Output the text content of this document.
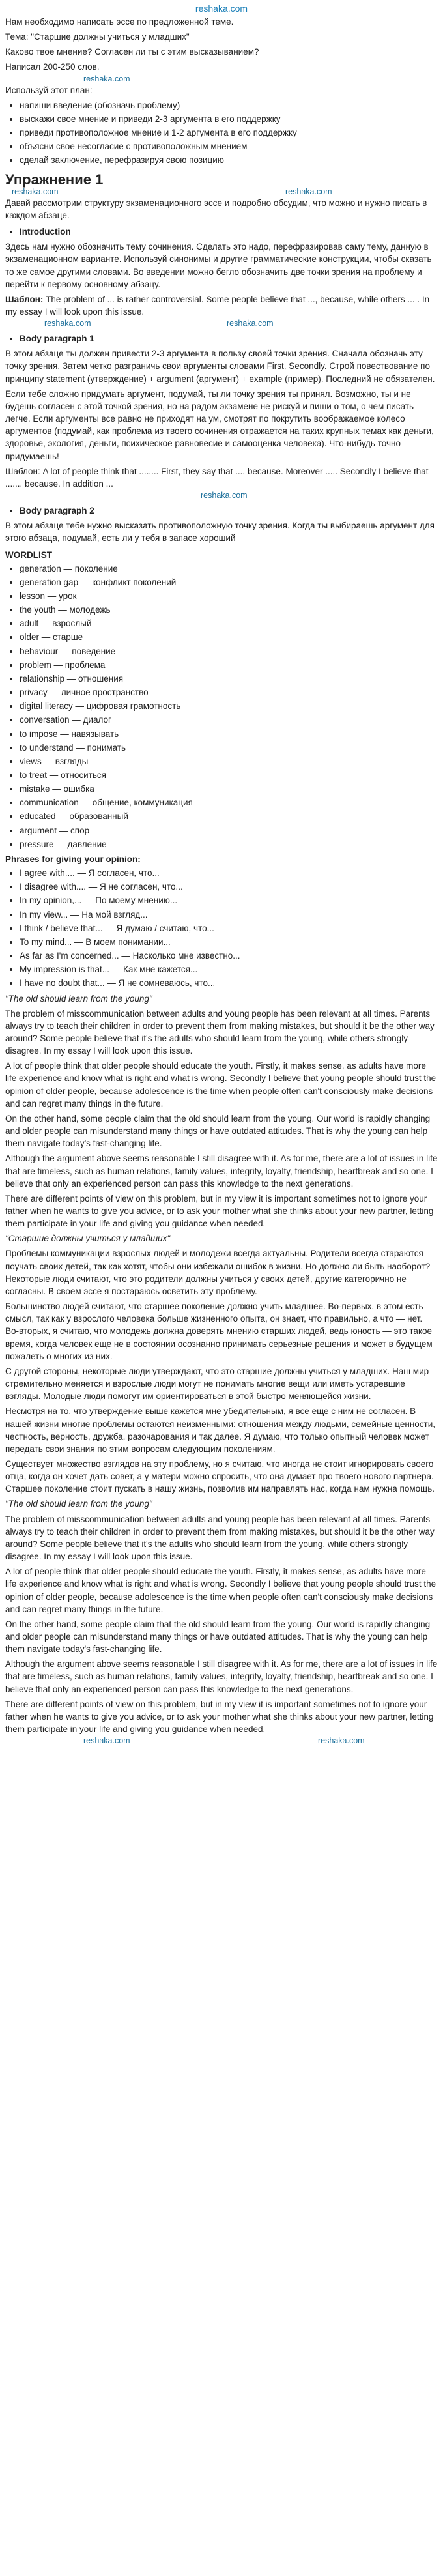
reshaka.com

Нам необходимо написать эссе по предложенной теме.

Тема: "Старшие должны учиться у младших"

Каково твое мнение? Согласен ли ты с этим высказыванием?

Написал 200-250 слов.

reshaka.com

Используй этот план:

• напиши введение (обозначь проблему)
• выскажи свое мнение и приведи 2-3 аргумента в его поддержку
• приведи противоположное мнение и 1-2 аргумента в его поддержку
• объясни свое несогласие с противоположным мнением
• сделай заключение, перефразируя свою позицию
Упражнение 1
reshaka.com	reshaka.com

Давай рассмотрим структуру экзаменационного эссе и подробно обсудим, что можно и нужно писать в каждом абзаце.

• Introduction

Здесь нам нужно обозначить тему сочинения. Сделать это надо, перефразировав саму тему, данную в экзаменационном варианте. Используй синонимы и другие грамматические конструкции, чтобы сказать то же самое другими словами. Во введении можно бегло обозначить две точки зрения на проблему и перейти к первому основному абзацу.

Шаблон: The problem of ... is rather controversial. Some people believe that ..., because, while others ... . In my essay I will look upon this issue.

reshaka.com	reshaka.com
• Body paragraph 1

В этом абзаце ты должен привести 2-3 аргумента в пользу своей точки зрения. Сначала обозначь эту точку зрения. Затем четко разграничь свои аргументы словами First, Secondly. Строй повествование по принципу statement (утверждение) + argument (аргумент) + example (пример). Последний не обязателен.

Если тебе сложно придумать аргумент, подумай, ты ли точку зрения ты принял. Возможно, ты и не будешь согласен с этой точкой зрения, но на радом экзамене не рискуй и пиши о том, о чем писать легче. Если аргументы все равно не приходят на ум, смотрят по покрутить воображаемое колесо аргументов (подумай, как проблема из твоего сочинения отражается на таких крупных темах как деньги, здоровье, экология, деньги, психическое равновесие и самооценка человека). Что-нибудь точно придумаешь!

Шаблон: A lot of people think that ........ First, they say that .... because. Moreover ..... Secondly I believe that ....... because. In addition ...

reshaka.com
• Body paragraph 2

В этом абзаце тебе нужно высказать противоположную точку зрения. Когда ты выбираешь аргумент для этого абзаца, подумай, есть ли у тебя в запасе хороший

WORDLIST
• generation — поколение
• generation gap — конфликт поколений
• lesson — урок
• the youth — молодежь
• adult — взрослый
• older — старше
• behaviour — поведение
• problem — проблема
• relationship — отношения
• privacy — личное пространство
• digital literacy — цифровая грамотность
• conversation — диалог
• to impose — навязывать
• to understand — понимать
• views — взгляды
• to treat — относиться
• mistake — ошибка
• communication — общение, коммуникация
• educated — образованный
• argument — спор
• pressure — давление
Phrases for giving your opinion:
• I agree with.... — Я согласен, что...
• I disagree with.... — Я не согласен, что...
• In my opinion,... — По моему мнению...
• In my view... — На мой взгляд...
• I think / believe that... — Я думаю / считаю, что...
• To my mind... — В моем понимании...
• As far as I'm concerned... — Насколько мне известно...
• My impression is that... — Как мне кажется...
• I have no doubt that... — Я не сомневаюсь, что...

"The old should learn from the young"

The problem of misscommunication between adults and young people has been relevant at all times. Parents always try to teach their children in order to prevent them from making mistakes, but should it be the other way around? Some people believe that it's the adults who should learn from the young, while others strongly disagree. In my essay I will look upon this issue.

A lot of people think that older people should educate the youth. Firstly, it makes sense, as adults have more life experience and know what is right and what is wrong. Secondly I believe that young people should trust the opinion of older people, because adolescence is the time when people often can't consciously make decisions and can regret many things in the future.

On the other hand, some people claim that the old should learn from the young. Our world is rapidly changing and older people can misunderstand many things or have outdated attitudes. That is why the young can help them navigate today's fast-changing life.

Although the argument above seems reasonable I still disagree with it. As for me, there are a lot of issues in life that are timeless, such as human relations, family values, integrity, loyalty, friendship, heartbreak and so one. I believe that only an experienced person can pass this knowledge to the next generations.

There are different points of view on this problem, but in my view it is important sometimes not to ignore your father when he wants to give you advice, or to ask your mother what she thinks about your new partner, letting them participate in your life and giving you guidance when needed.

"Старшие должны учиться у младших"

Проблемы коммуникации взрослых людей и молодежи всегда актуальны. Родители всегда стараются поучать своих детей, так как хотят, чтобы они избежали ошибок в жизни. Но должно ли быть наоборот? Некоторые люди считают, что это родители должны учиться у своих детей, другие категорично не согласны. В своем эссе я постараюсь осветить эту проблему.

Большинство людей считают, что старшее поколение должно учить младшее. Во-первых, в этом есть смысл, так как у взрослого человека больше жизненного опыта, он знает, что правильно, а что — нет. Во-вторых, я считаю, что молодежь должна доверять мнению старших людей, ведь юность — это такое время, когда человек еще не в состоянии осознанно принимать серьезные решения и может в будущем пожалеть о многих из них.

С другой стороны, некоторые люди утверждают, что это старшие должны учиться у младших. Наш мир стремительно меняется и взрослые люди могут не понимать многие вещи или иметь устаревшие взгляды. Молодые люди помогут им ориентироваться в этой быстро меняющейся жизни.

Несмотря на то, что утверждение выше кажется мне убедительным, я все еще с ним не согласен. В нашей жизни многие проблемы остаются неизменными: отношения между людьми, семейные ценности, честность, верность, дружба, разочарования и так далее. Я думаю, что только опытный человек может передать свои знания по этим вопросам следующим поколениям.

Существует множество взглядов на эту проблему, но я считаю, что иногда не стоит игнорировать своего отца, когда он хочет дать совет, а у матери можно спросить, что она думает про твоего нового партнера. Старшее поколение стоит пускать в нашу жизнь, позволив им направлять нас, когда нам нужна помощь.

"The old should learn from the young"

The problem of misscommunication between adults and young people has been relevant at all times. Parents always try to teach their children in order to prevent them from making mistakes, but should it be the other way around? Some people believe that it's the adults who should learn from the young, while others strongly disagree. In my essay I will look upon this issue.

A lot of people think that older people should educate the youth. Firstly, it makes sense, as adults have more life experience and know what is right and what is wrong. Secondly I believe that young people should trust the opinion of older people, because adolescence is the time when people often can't consciously make decisions and can regret many things in the future.

On the other hand, some people claim that the old should learn from the young. Our world is rapidly changing and older people can misunderstand many things or have outdated attitudes. That is why the young can help them navigate today's fast-changing life.

Although the argument above seems reasonable I still disagree with it. As for me, there are a lot of issues in life that are timeless, such as human relations, family values, integrity, loyalty, friendship, heartbreak and so one. I believe that only an experienced person can pass this knowledge to the next generations.

There are different points of view on this problem, but in my view it is important sometimes not to ignore your father when he wants to give you advice, or to ask your mother what she thinks about your new partner, letting them participate in your life and giving you guidance when needed.

reshaka.com	reshaka.com
